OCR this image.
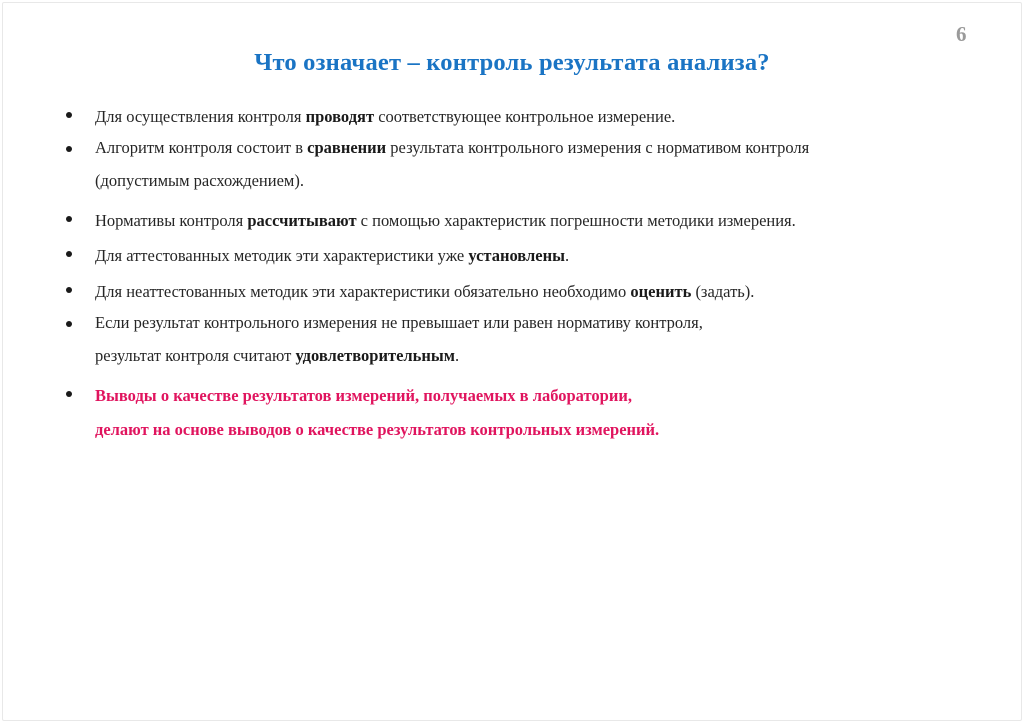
6
Что означает – контроль результата анализа?
Для осуществления контроля проводят соответствующее контрольное измерение.
Алгоритм контроля состоит в сравнении результата контрольного измерения с нормативом контроля
(допустимым расхождением).
Нормативы контроля рассчитывают с помощью характеристик погрешности методики измерения.
Для аттестованных методик эти характеристики уже установлены.
Для неаттестованных методик эти характеристики обязательно необходимо оценить (задать).
Если результат контрольного измерения не превышает или равен нормативу контроля,
результат контроля считают удовлетворительным.
Выводы о качестве результатов измерений, получаемых в лаборатории,
делают на основе выводов о качестве результатов контрольных измерений.
